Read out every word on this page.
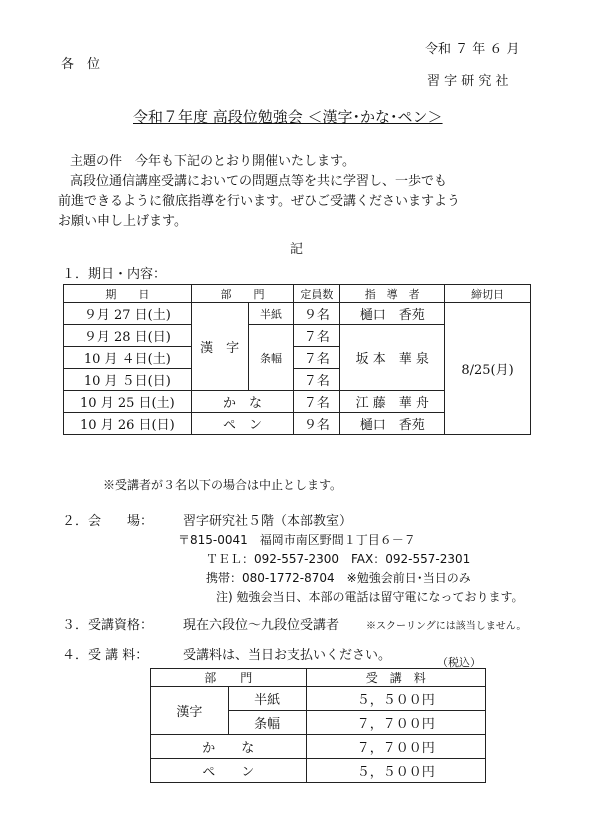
令和 ７ 年 ６ 月
各　位
習 字 研 究 社
令和７年度 高段位勉強会 ＜漢字･かな･ペン＞
主題の件　今年も下記のとおり開催いたします。
高段位通信講座受講においての問題点等を共に学習し、一歩でも
前進できるように徹底指導を行います。ぜひご受講くださいますよう
お願い申し上げます。
記
１．期日・内容：
期　　日	部　　門		定員数	指　導　者	締切日
９月 27 日(土)	漢　字	半紙	９名	樋口　香苑	8/25(月)
９月 28 日(日)		条幅	７名	坂 本　華 泉	
10 月 ４日(土)			７名		
10 月 ５日(日)			７名		
10 月 25 日(土)	か　な		７名	江 藤　華 舟	
10 月 26 日(日)	ペ　ン		９名	樋口　香苑	
※受講者が３名以下の場合は中止とします。
２．会　　場： 習字研究社５階（本部教室）
〒815-0041　福岡市南区野間１丁目６－７
ＴＥＬ：092-557-2300　FAX：092-557-2301
携帯：080-1772-8704　※勉強会前日･当日のみ
注) 勉強会当日、本部の電話は留守電になっております。
３．受講資格： 現在六段位～九段位受講者	※スクーリングには該当しません。
４．受 講 料：	受講料は、当日お支払いください。	（税込）
部　　門		受　講　料
漢字	半紙	５，５００円
	条幅	７，７００円
か　　な		７，７００円
ペ　　ン		５，５００円
